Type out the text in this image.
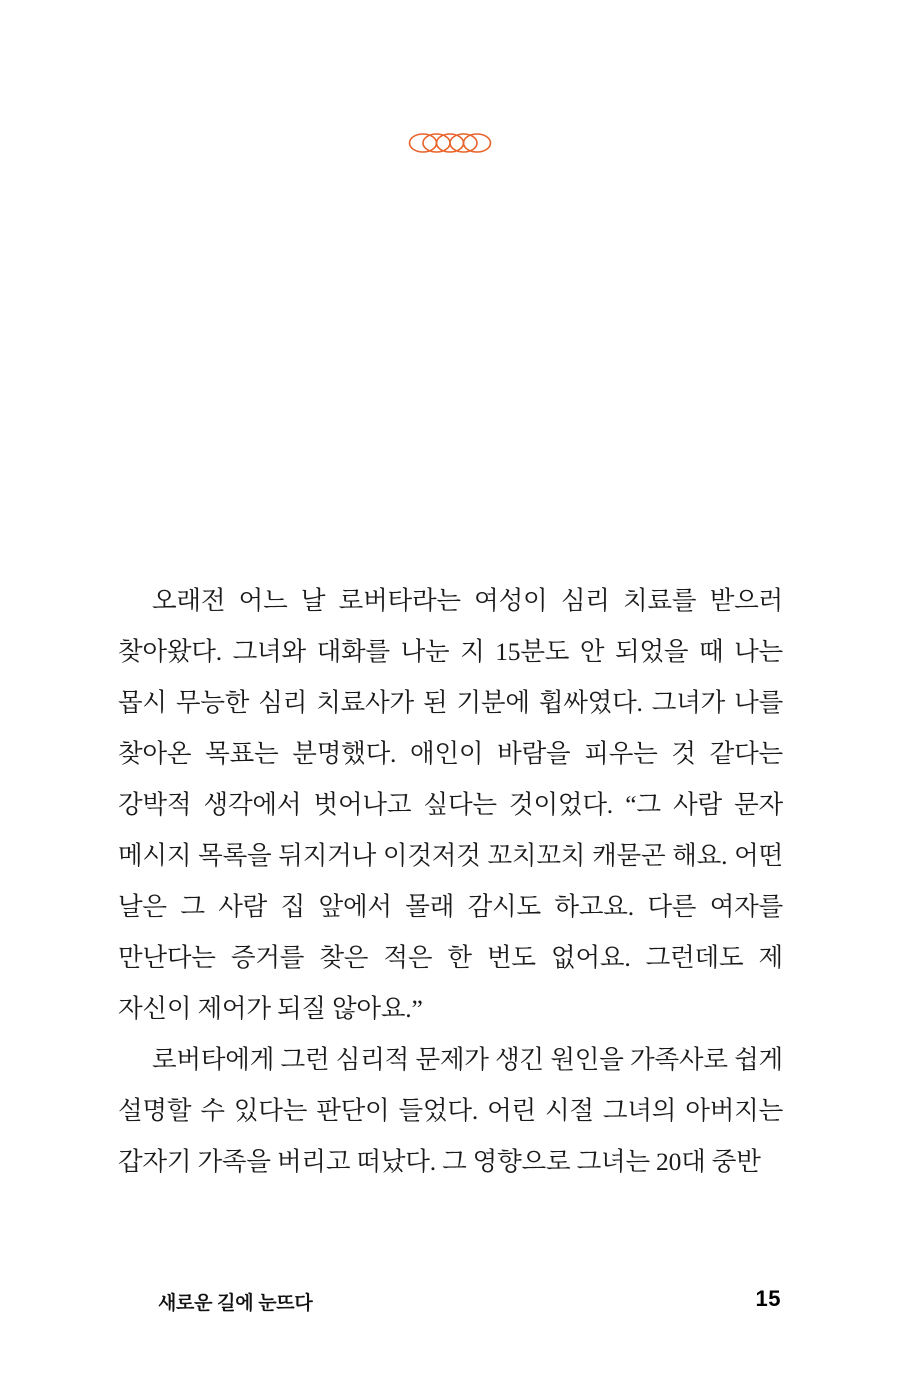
오래전 어느 날 로버타라는 여성이 심리 치료를 받으러 찾아왔다. 그녀와 대화를 나눈 지 15분도 안 되었을 때 나는 몹시 무능한 심리 치료사가 된 기분에 휩싸였다. 그녀가 나를 찾아온 목표는 분명했다. 애인이 바람을 피우는 것 같다는 강박적 생각에서 벗어나고 싶다는 것이었다. “그 사람 문자 메시지 목록을 뒤지거나 이것저것 꼬치꼬치 캐묻곤 해요. 어떤 날은 그 사람 집 앞에서 몰래 감시도 하고요. 다른 여자를 만난다는 증거를 찾은 적은 한 번도 없어요. 그런데도 제 자신이 제어가 되질 않아요.”

로버타에게 그런 심리적 문제가 생긴 원인을 가족사로 쉽게 설명할 수 있다는 판단이 들었다. 어린 시절 그녀의 아버지는 갑자기 가족을 버리고 떠났다. 그 영향으로 그녀는 20대 중반

새로운 길에 눈뜨다	15
